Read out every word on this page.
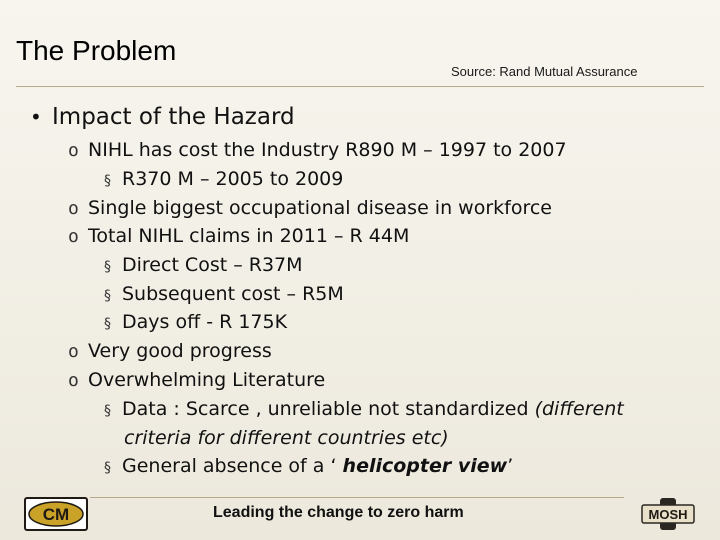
The Problem
Source: Rand Mutual Assurance
• Impact of the Hazard
o NIHL has cost the Industry R890 M – 1997 to 2007
§ R370 M – 2005 to 2009
o Single biggest occupational disease in workforce
o Total NIHL claims in 2011 – R 44M
§ Direct Cost – R37M
§ Subsequent cost – R5M
§ Days off - R 175K
o Very good progress
o Overwhelming Literature
§ Data : Scarce , unreliable not standardized (different
criteria for different countries etc)
§ General absence of a ‘ helicopter view’
CM	Leading the change to zero harm	MOSH
